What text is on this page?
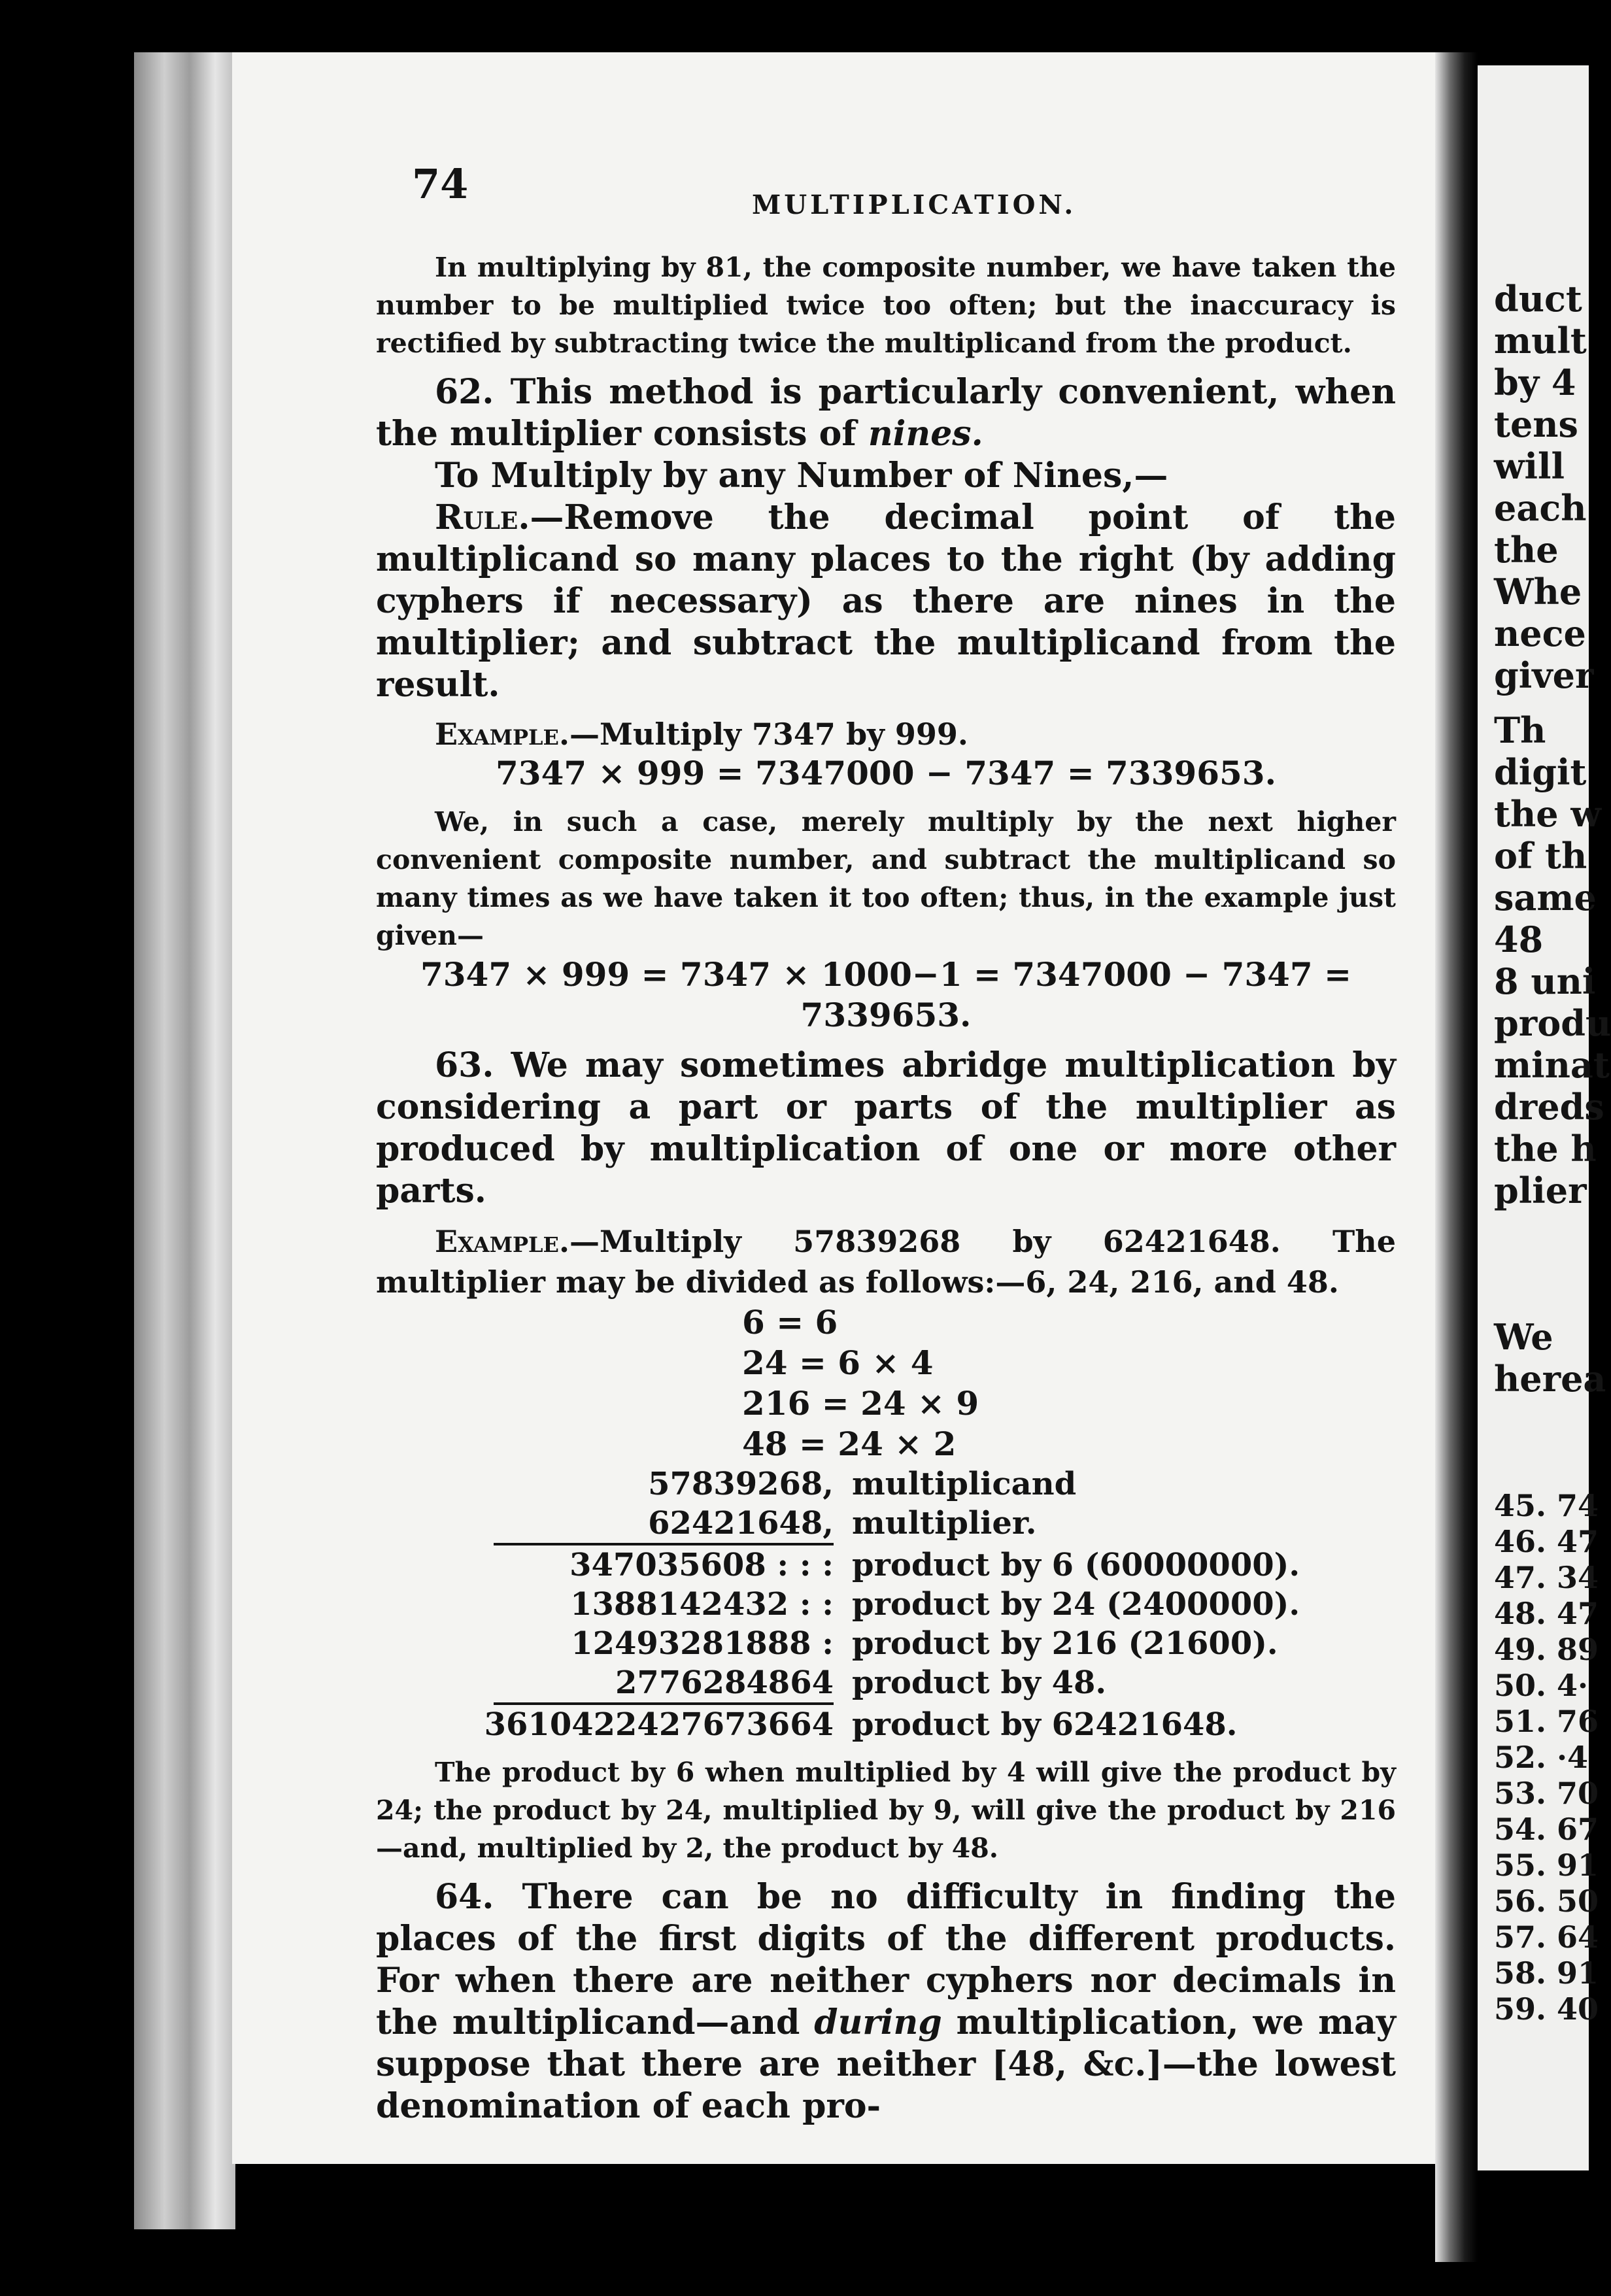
74	MULTIPLICATION.

In multiplying by 81, the composite number, we have taken the number to be multiplied twice too often; but the inaccuracy is rectified by subtracting twice the multiplicand from the product.

62. This method is particularly convenient, when the multiplier consists of nines.

To Multiply by any Number of Nines,—

Rule.—Remove the decimal point of the multiplicand so many places to the right (by adding cyphers if necessary) as there are nines in the multiplier; and subtract the multiplicand from the result.

Example.—Multiply 7347 by 999.

7347 × 999 = 7347000 − 7347 = 7339653.

We, in such a case, merely multiply by the next higher convenient composite number, and subtract the multiplicand so many times as we have taken it too often; thus, in the example just given—

7347 × 999 = 7347 × 1000−1 = 7347000 − 7347 = 7339653.

63. We may sometimes abridge multiplication by considering a part or parts of the multiplier as produced by multiplication of one or more other parts.

Example.—Multiply 57839268 by 62421648. The multiplier may be divided as follows:—6, 24, 216, and 48.

6 = 6

24 = 6 × 4

216 = 24 × 9

48 = 24 × 2

57839268, multiplicand
62421648, multiplier.
347035608 : : : product by 6 (60000000).
1388142432 : : product by 24 (2400000).
12493281888 : product by 216 (21600).
2776284864 product by 48.
3610422427673664 product by 62421648.

The product by 6 when multiplied by 4 will give the product by 24; the product by 24, multiplied by 9, will give the product by 216—and, multiplied by 2, the product by 48.

64. There can be no difficulty in finding the places of the first digits of the different products. For when there are neither cyphers nor decimals in the multiplicand—and during multiplication, we may suppose that there are neither [48, &c.]—the lowest denomination of each pro-

duct
mult
by 4
tens
will
each
the
Whe
nece
giver
Th
digit
the w
of th
same
48
8 uni
produ
minat
dreds
the h
plier
We
herea
45. 74
46. 47
47. 34
48. 47
49. 89
50. 4·
51. 76
52. ·4
53. 70
54. 67
55. 91
56. 50
57. 64
58. 91
59. 40
